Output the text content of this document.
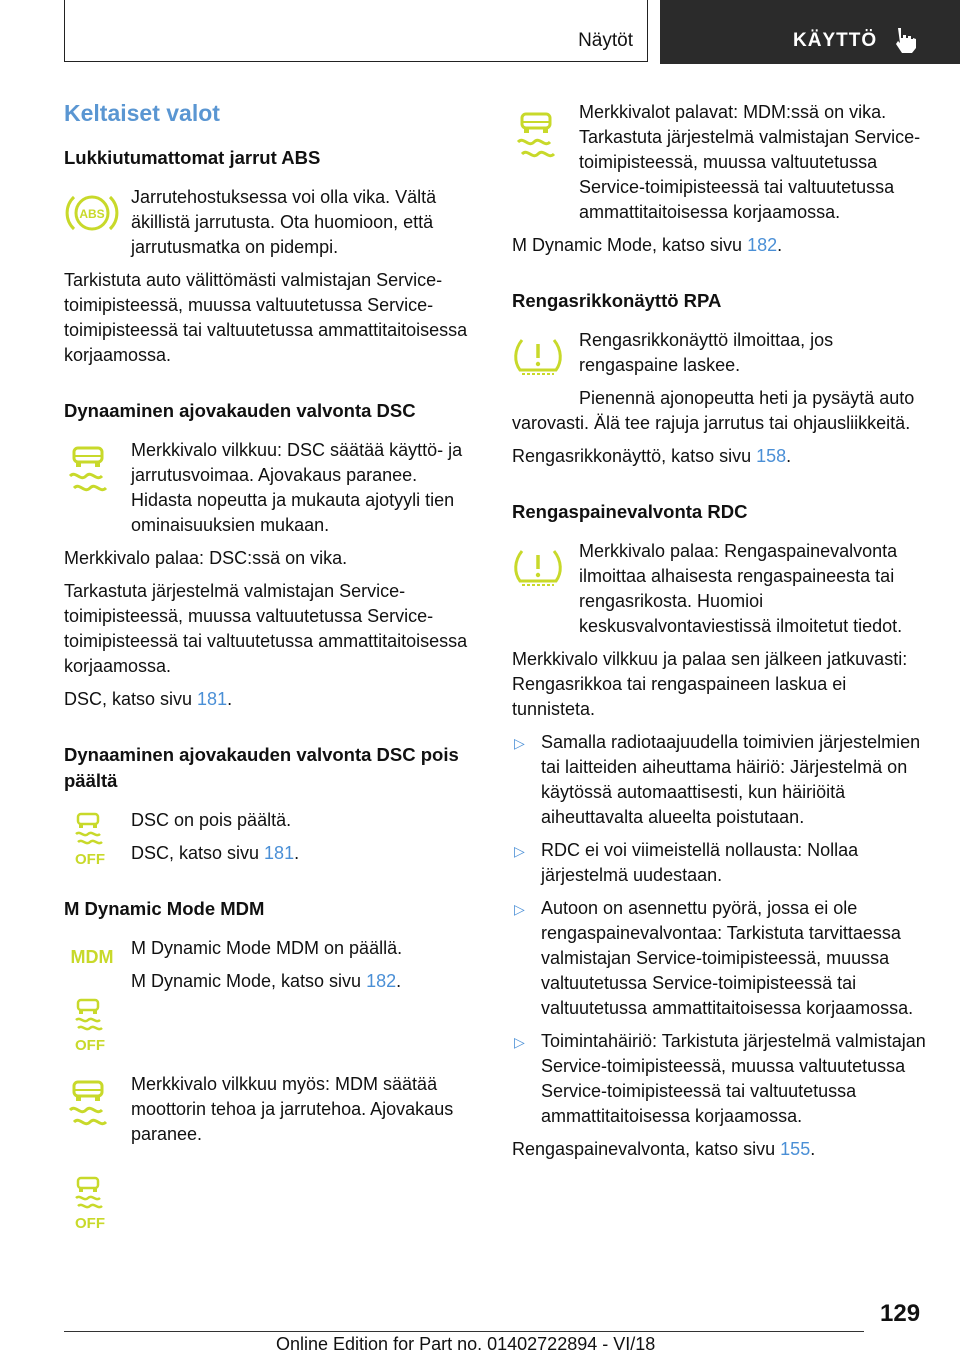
Näytöt	KÄYTTÖ
Keltaiset valot
Lukkiutumattomat jarrut ABS
ABS

Jarrutehostuksessa voi olla vika. Vältä äkillistä jarrutusta. Ota huomioon, että jarrutusmatka on pidempi.

Tarkistuta auto välittömästi valmistajan Service-toimipisteessä, muussa valtuutetussa Service-toimipisteessä tai valtuutetussa ammattitaitoisessa korjaamossa.

Dynaaminen ajovakauden valvonta DSC

Merkkivalo vilkkuu: DSC säätää käyttö- ja jarrutusvoimaa. Ajovakaus paranee. Hidasta nopeutta ja mukauta ajotyyli tien ominaisuuksien mukaan.

Merkkivalo palaa: DSC:ssä on vika.

Tarkastuta järjestelmä valmistajan Service-toimipisteessä, muussa valtuutetussa Service-toimipisteessä tai valtuutetussa ammattitaitoisessa korjaamossa.

DSC, katso sivu 181.

Dynaaminen ajovakauden valvonta DSC pois päältä
OFF

DSC on pois päältä.

DSC, katso sivu 181.

M Dynamic Mode MDM
MDM
OFF

M Dynamic Mode MDM on päällä.

M Dynamic Mode, katso sivu 182.

OFF

Merkkivalo vilkkuu myös: MDM säätää moottorin tehoa ja jarrutehoa. Ajovakaus paranee.

Merkkivalot palavat: MDM:ssä on vika. Tarkastuta järjestelmä valmistajan Service-toimipisteessä, muussa valtuutetussa Service-toimipisteessä tai valtuutetussa ammattitaitoisessa korjaamossa.

M Dynamic Mode, katso sivu 182.

Rengasrikkonäyttö RPA

Rengasrikkonäyttö ilmoittaa, jos rengaspaine laskee.

Pienennä ajonopeutta heti ja pysäytä auto varovasti. Älä tee rajuja jarrutus tai ohjausliikkeitä.

Rengasrikkonäyttö, katso sivu 158.

Rengaspainevalvonta RDC

Merkkivalo palaa: Rengaspainevalvonta ilmoittaa alhaisesta rengaspaineesta tai rengasrikosta. Huomioi keskusvalvontaviestissä ilmoitetut tiedot.

Merkkivalo vilkkuu ja palaa sen jälkeen jatkuvasti: Rengasrikkoa tai rengaspaineen laskua ei tunnisteta.

▷ Samalla radiotaajuudella toimivien järjestelmien tai laitteiden aiheuttama häiriö: Järjestelmä on käytössä automaattisesti, kun häiriöitä aiheuttavalta alueelta poistutaan.
▷ RDC ei voi viimeistellä nollausta: Nollaa järjestelmä uudestaan.
▷ Autoon on asennettu pyörä, jossa ei ole rengaspainevalvontaa: Tarkistuta tarvittaessa valmistajan Service-toimipisteessä, muussa valtuutetussa Service-toimipisteessä tai valtuutetussa ammattitaitoisessa korjaamossa.
▷ Toimintahäiriö: Tarkistuta järjestelmä valmistajan Service-toimipisteessä, muussa valtuutetussa Service-toimipisteessä tai valtuutetussa ammattitaitoisessa korjaamossa.

Rengaspainevalvonta, katso sivu 155.

129
Online Edition for Part no. 01402722894 - VI/18
